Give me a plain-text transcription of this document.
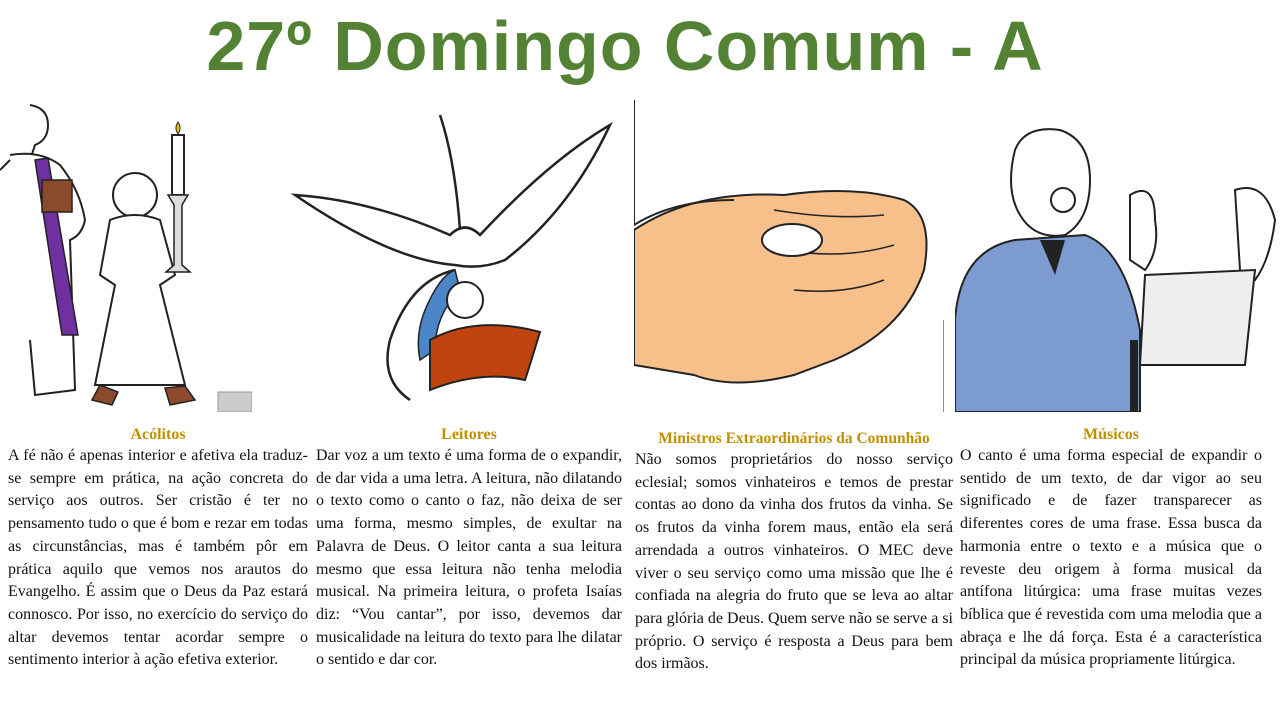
27º Domingo Comum - A
Acólitos

A fé não é apenas interior e afetiva ela traduz-se sempre em prática, na ação concreta do serviço aos outros. Ser cristão é ter no pensamento tudo o que é bom e rezar em todas as circunstâncias, mas é também pôr em prática aquilo que vemos nos arautos do Evangelho. É assim que o Deus da Paz estará connosco. Por isso, no exercício do serviço do altar devemos tentar acordar sempre o sentimento interior à ação efetiva exterior.

Leitores

Dar voz a um texto é uma forma de o expandir, de dar vida a uma letra. A leitura, não dilatando o texto como o canto o faz, não deixa de ser uma forma, mesmo simples, de exultar na Palavra de Deus. O leitor canta a sua leitura mesmo que essa leitura não tenha melodia musical. Na primeira leitura, o profeta Isaías diz: “Vou cantar”, por isso, devemos dar musicalidade na leitura do texto para lhe dilatar o sentido e dar cor.

Ministros Extraordinários da Comunhão

Não somos proprietários do nosso serviço eclesial; somos vinhateiros e temos de prestar contas ao dono da vinha dos frutos da vinha. Se os frutos da vinha forem maus, então ela será arrendada a outros vinhateiros. O MEC deve viver o seu serviço como uma missão que lhe é confiada na alegria do fruto que se leva ao altar para glória de Deus. Quem serve não se serve a si próprio. O serviço é resposta a Deus para bem dos irmãos.

Músicos

O canto é uma forma especial de expandir o sentido de um texto, de dar vigor ao seu significado e de fazer transparecer as diferentes cores de uma frase. Essa busca da harmonia entre o texto e a música que o reveste deu origem à forma musical da antífona litúrgica: uma frase muitas vezes bíblica que é revestida com uma melodia que a abraça e lhe dá força. Esta é a característica principal da música propriamente litúrgica.
